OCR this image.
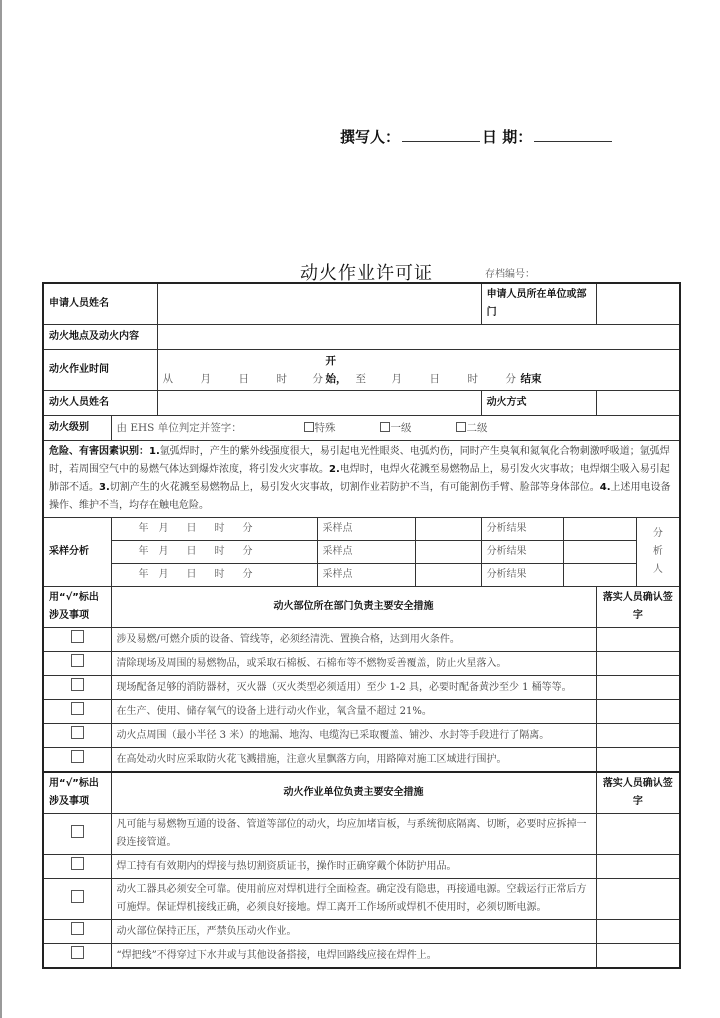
撰写人：	日 期：
动火作业许可证	存档编号：
申请人员姓名					申请人员所在单位或部门			
动火地点及动火内容								
动火作业时间		从 月 日 时 分开始， 至 月 日 时 分 结束						
动火人员姓名					动火方式			
动火级别	由 EHS 单位判定并签字： 特殊 一级 二级							
危险、有害因素识别：1.氩弧焊时，产生的紫外线强度很大，易引起电光性眼炎、电弧灼伤，同时产生臭氧和氮氧化合物刺激呼吸道；氩弧焊时，若周围空气中的易燃气体达到爆炸浓度，将引发火灾事故。2.电焊时，电焊火花溅至易燃物品上，易引发火灾事故；电焊烟尘吸入易引起肺部不适。3.切割产生的火花溅至易燃物品上，易引发火灾事故，切割作业若防护不当，有可能割伤手臂、脸部等身体部位。4.上述用电设备操作、维护不当，均存在触电危险。								
采样分析	年 月 日 时 分		采样点		分析结果			分
析
人
	年 月 日 时 分		采样点		分析结果			
	年 月 日 时 分		采样点		分析结果			
用“√”标出涉及事项	动火部位所在部门负责主要安全措施						落实人员确认签字	
	涉及易燃/可燃介质的设备、管线等，必须经清洗、置换合格，达到用火条件。							
	清除现场及周围的易燃物品，或采取石棉板、石棉布等不燃物妥善覆盖，防止火星落入。							
	现场配备足够的消防器材，灭火器（灭火类型必须适用）至少 1-2 具，必要时配备黄沙至少 1 桶等等。							
	在生产、使用、储存氧气的设备上进行动火作业，氧含量不超过 21%。							
	动火点周围（最小半径 3 米）的地漏、地沟、电缆沟已采取覆盖、铺沙、水封等手段进行了隔离。							
	在高处动火时应采取防火花飞溅措施，注意火星飘落方向，用路障对施工区域进行围护。							
用“√”标出涉及事项	动火作业单位负责主要安全措施						落实人员确认签字	
	凡可能与易燃物互通的设备、管道等部位的动火，均应加堵盲板，与系统彻底隔离、切断，必要时应拆掉一段连接管道。							
	焊工持有有效期内的焊接与热切割资质证书，操作时正确穿戴个体防护用品。							
	动火工器具必须安全可靠。使用前应对焊机进行全面检查。确定没有隐患，再接通电源。空载运行正常后方可施焊。保证焊机接线正确，必须良好接地。焊工离开工作场所或焊机不使用时，必须切断电源。							
	动火部位保持正压，严禁负压动火作业。							
	“焊把线”不得穿过下水井或与其他设备搭接，电焊回路线应接在焊件上。							
